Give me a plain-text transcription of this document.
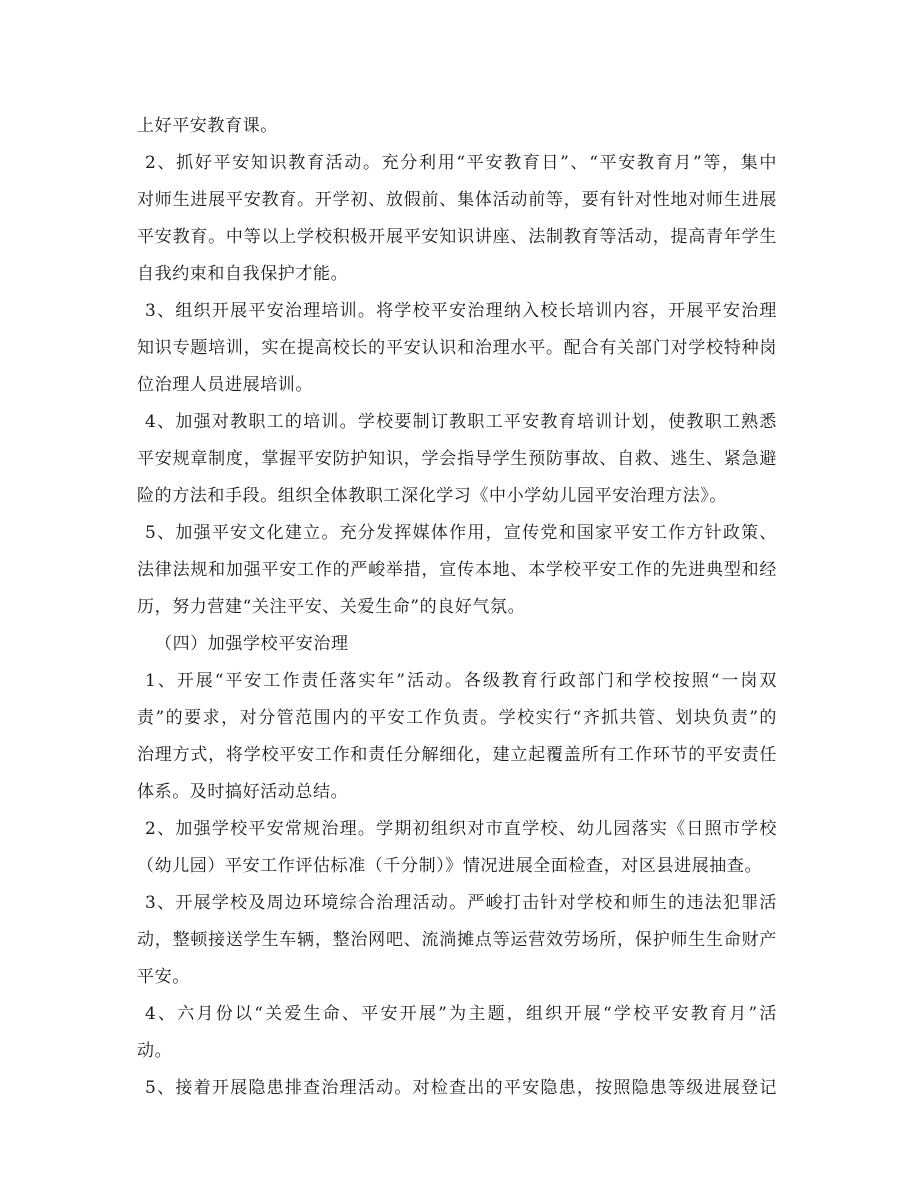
上好平安教育课。
2、抓好平安知识教育活动。充分利用“平安教育日”、“平安教育月”等，集中
对师生进展平安教育。开学初、放假前、集体活动前等，要有针对性地对师生进展
平安教育。中等以上学校积极开展平安知识讲座、法制教育等活动，提高青年学生
自我约束和自我保护才能。
3、组织开展平安治理培训。将学校平安治理纳入校长培训内容，开展平安治理
知识专题培训，实在提高校长的平安认识和治理水平。配合有关部门对学校特种岗
位治理人员进展培训。
4、加强对教职工的培训。学校要制订教职工平安教育培训计划，使教职工熟悉
平安规章制度，掌握平安防护知识，学会指导学生预防事故、自救、逃生、紧急避
险的方法和手段。组织全体教职工深化学习《中小学幼儿园平安治理方法》。
5、加强平安文化建立。充分发挥媒体作用，宣传党和国家平安工作方针政策、
法律法规和加强平安工作的严峻举措，宣传本地、本学校平安工作的先进典型和经
历，努力营建“关注平安、关爱生命”的良好气氛。
（四）加强学校平安治理
1、开展“平安工作责任落实年”活动。各级教育行政部门和学校按照“一岗双
责”的要求，对分管范围内的平安工作负责。学校实行“齐抓共管、划块负责”的
治理方式，将学校平安工作和责任分解细化，建立起覆盖所有工作环节的平安责任
体系。及时搞好活动总结。
2、加强学校平安常规治理。学期初组织对市直学校、幼儿园落实《日照市学校
（幼儿园）平安工作评估标准（千分制）》情况进展全面检查，对区县进展抽查。
3、开展学校及周边环境综合治理活动。严峻打击针对学校和师生的违法犯罪活
动，整顿接送学生车辆，整治网吧、流淌摊点等运营效劳场所，保护师生生命财产
平安。
4、六月份以“关爱生命、平安开展”为主题，组织开展“学校平安教育月”活
动。
5、接着开展隐患排查治理活动。对检查出的平安隐患，按照隐患等级进展登记
